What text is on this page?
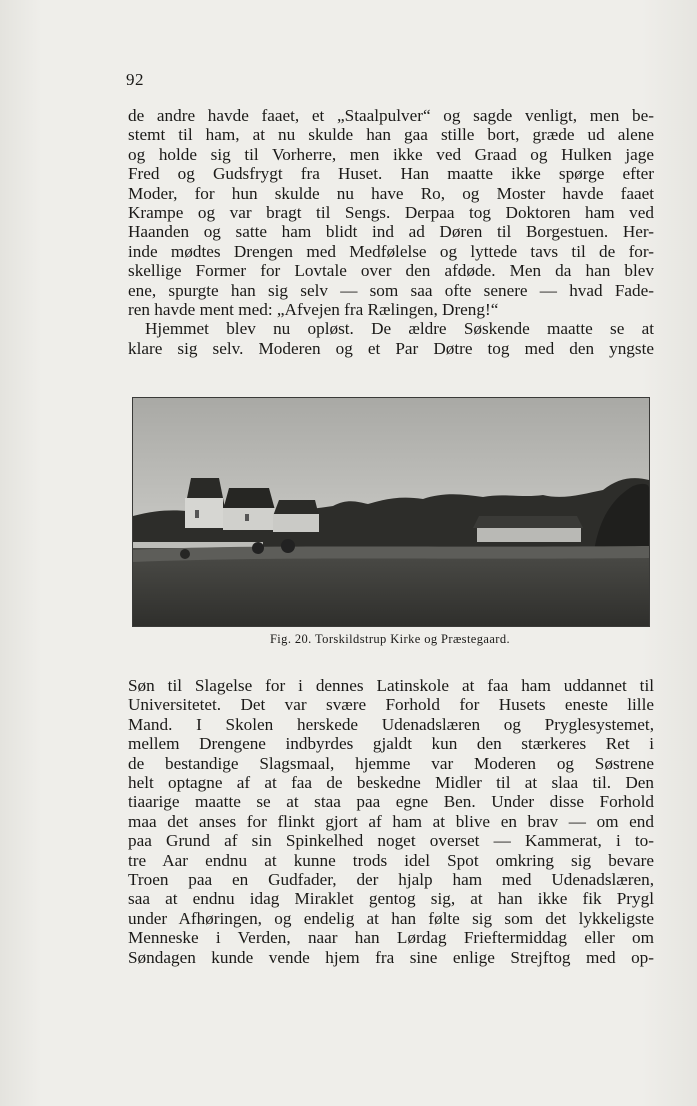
92

de andre havde faaet, et „Staalpulver“ og sagde venligt, men be-
stemt til ham, at nu skulde han gaa stille bort, græde ud alene
og holde sig til Vorherre, men ikke ved Graad og Hulken jage
Fred og Gudsfrygt fra Huset. Han maatte ikke spørge efter
Moder, for hun skulde nu have Ro, og Moster havde faaet
Krampe og var bragt til Sengs. Derpaa tog Doktoren ham ved
Haanden og satte ham blidt ind ad Døren til Borgestuen. Her-
inde mødtes Drengen med Medfølelse og lyttede tavs til de for-
skellige Former for Lovtale over den afdøde. Men da han blev
ene, spurgte han sig selv — som saa ofte senere — hvad Fade-
ren havde ment med: „Afvejen fra Rælingen, Dreng!“

Hjemmet blev nu opløst. De ældre Søskende maatte se at
klare sig selv. Moderen og et Par Døtre tog med den yngste

Fig. 20. Torskildstrup Kirke og Præstegaard.

Søn til Slagelse for i dennes Latinskole at faa ham uddannet til
Universitetet. Det var svære Forhold for Husets eneste lille
Mand. I Skolen herskede Udenadslæren og Pryglesystemet,
mellem Drengene indbyrdes gjaldt kun den stærkeres Ret i
de bestandige Slagsmaal, hjemme var Moderen og Søstrene
helt optagne af at faa de beskedne Midler til at slaa til. Den
tiaarige maatte se at staa paa egne Ben. Under disse Forhold
maa det anses for flinkt gjort af ham at blive en brav — om end
paa Grund af sin Spinkelhed noget overset — Kammerat, i to-
tre Aar endnu at kunne trods idel Spot omkring sig bevare
Troen paa en Gudfader, der hjalp ham med Udenadslæren,
saa at endnu idag Miraklet gentog sig, at han ikke fik Prygl
under Afhøringen, og endelig at han følte sig som det lykkeligste
Menneske i Verden, naar han Lørdag Frieftermiddag eller om
Søndagen kunde vende hjem fra sine enlige Strejftog med op-
